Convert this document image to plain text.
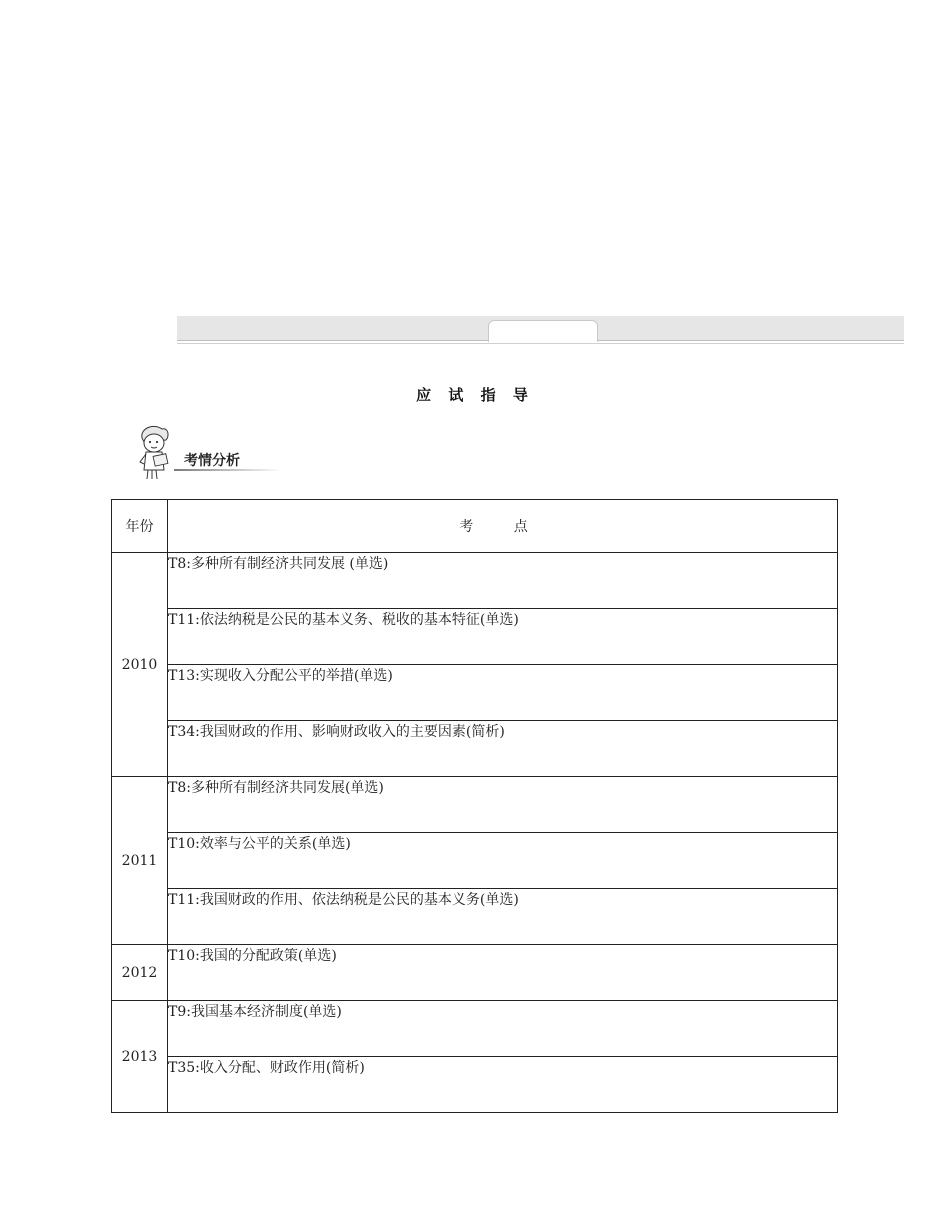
应 试 指 导
考情分析
年份	考 点
2010	T8:多种所有制经济共同发展 (单选)
	T11:依法纳税是公民的基本义务、税收的基本特征(单选)
	T13:实现收入分配公平的举措(单选)
	T34:我国财政的作用、影响财政收入的主要因素(简析)
2011	T8:多种所有制经济共同发展(单选)
	T10:效率与公平的关系(单选)
	T11:我国财政的作用、依法纳税是公民的基本义务(单选)
2012	T10:我国的分配政策(单选)
2013	T9:我国基本经济制度(单选)
	T35:收入分配、财政作用(简析)
